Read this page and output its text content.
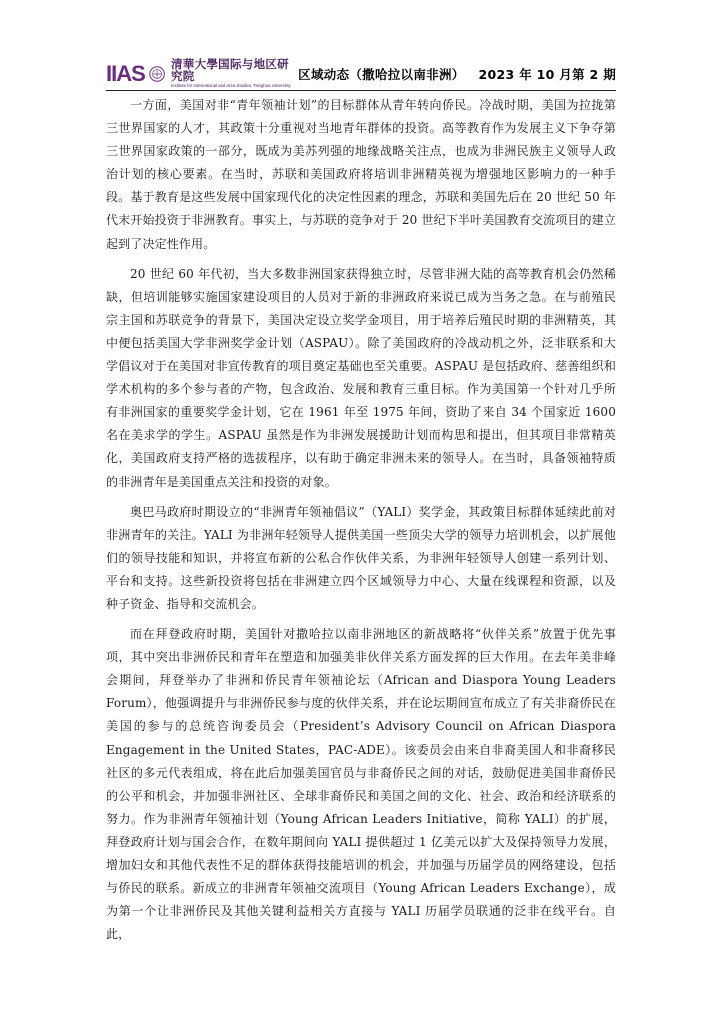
IIAS 清華大學国际与地区研究院
Institute for International and Area Studies, Tsinghua University
区域动态（撒哈拉以南非洲） 2023 年 10 月第 2 期

一方面，美国对非“青年领袖计划”的目标群体从青年转向侨民。冷战时期，美国为拉拢第三世界国家的人才，其政策十分重视对当地青年群体的投资。高等教育作为发展主义下争夺第三世界国家政策的一部分，既成为美苏列强的地缘战略关注点，也成为非洲民族主义领导人政治计划的核心要素。在当时，苏联和美国政府将培训非洲精英视为增强地区影响力的一种手段。基于教育是这些发展中国家现代化的决定性因素的理念，苏联和美国先后在 20 世纪 50 年代末开始投资于非洲教育。事实上，与苏联的竞争对于 20 世纪下半叶美国教育交流项目的建立起到了决定性作用。

20 世纪 60 年代初，当大多数非洲国家获得独立时，尽管非洲大陆的高等教育机会仍然稀缺，但培训能够实施国家建设项目的人员对于新的非洲政府来说已成为当务之急。在与前殖民宗主国和苏联竞争的背景下，美国决定设立奖学金项目，用于培养后殖民时期的非洲精英，其中便包括美国大学非洲奖学金计划（ASPAU）。除了美国政府的冷战动机之外，泛非联系和大学倡议对于在美国对非宣传教育的项目奠定基础也至关重要。ASPAU 是包括政府、慈善组织和学术机构的多个参与者的产物，包含政治、发展和教育三重目标。作为美国第一个针对几乎所有非洲国家的重要奖学金计划，它在 1961 年至 1975 年间，资助了来自 34 个国家近 1600 名在美求学的学生。ASPAU 虽然是作为非洲发展援助计划而构思和提出，但其项目非常精英化，美国政府支持严格的选拔程序，以有助于确定非洲未来的领导人。在当时，具备领袖特质的非洲青年是美国重点关注和投资的对象。

奥巴马政府时期设立的“非洲青年领袖倡议”（YALI）奖学金，其政策目标群体延续此前对非洲青年的关注。YALI 为非洲年轻领导人提供美国一些顶尖大学的领导力培训机会，以扩展他们的领导技能和知识，并将宣布新的公私合作伙伴关系，为非洲年轻领导人创建一系列计划、平台和支持。这些新投资将包括在非洲建立四个区域领导力中心、大量在线课程和资源，以及种子资金、指导和交流机会。

而在拜登政府时期，美国针对撒哈拉以南非洲地区的新战略将“伙伴关系”放置于优先事项，其中突出非洲侨民和青年在塑造和加强美非伙伴关系方面发挥的巨大作用。在去年美非峰会期间，拜登举办了非洲和侨民青年领袖论坛（African and Diaspora Young Leaders Forum），他强调提升与非洲侨民参与度的伙伴关系，并在论坛期间宣布成立了有关非裔侨民在美国的参与的总统咨询委员会（President’s Advisory Council on African Diaspora Engagement in the United States，PAC-ADE）。该委员会由来自非裔美国人和非裔移民社区的多元代表组成，将在此后加强美国官员与非裔侨民之间的对话，鼓励促进美国非裔侨民的公平和机会，并加强非洲社区、全球非裔侨民和美国之间的文化、社会、政治和经济联系的努力。作为非洲青年领袖计划（Young African Leaders Initiative，简称 YALI）的扩展，拜登政府计划与国会合作，在数年期间向 YALI 提供超过 1 亿美元以扩大及保持领导力发展，增加妇女和其他代表性不足的群体获得技能培训的机会，并加强与历届学员的网络建设，包括与侨民的联系。新成立的非洲青年领袖交流项目（Young African Leaders Exchange），成为第一个让非洲侨民及其他关键利益相关方直接与 YALI 历届学员联通的泛非在线平台。自此，
